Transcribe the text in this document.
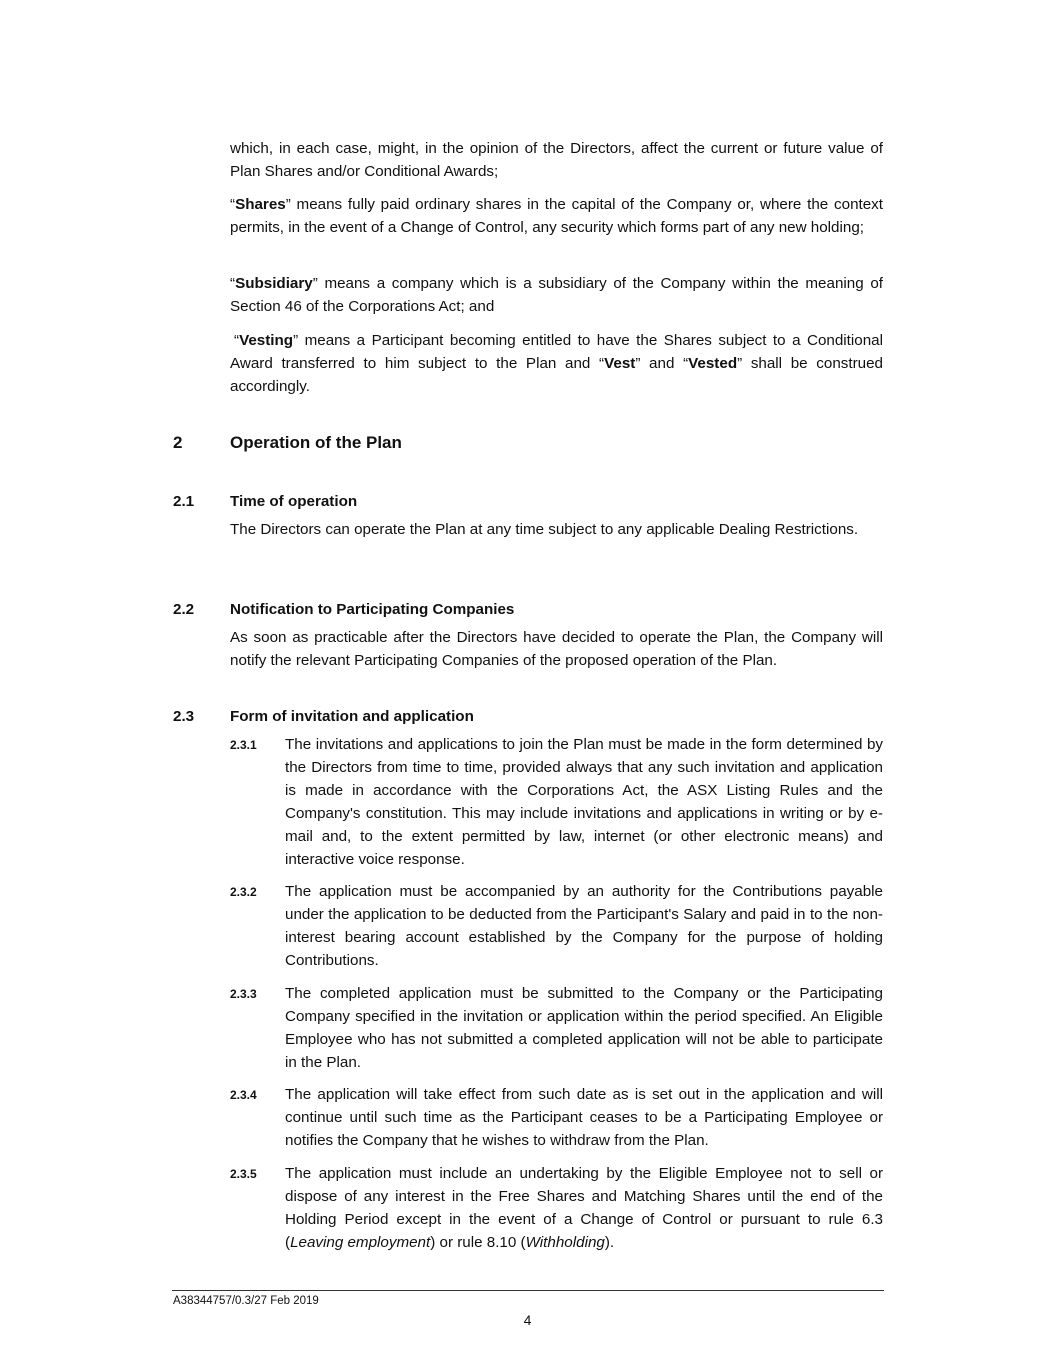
which, in each case, might, in the opinion of the Directors, affect the current or future value of Plan Shares and/or Conditional Awards;

“Shares” means fully paid ordinary shares in the capital of the Company or, where the context permits, in the event of a Change of Control, any security which forms part of any new holding;

“Subsidiary” means a company which is a subsidiary of the Company within the meaning of Section 46 of the Corporations Act; and

“Vesting” means a Participant becoming entitled to have the Shares subject to a Conditional Award transferred to him subject to the Plan and “Vest” and “Vested” shall be construed accordingly.

2	Operation of the Plan
2.1 Time of operation

The Directors can operate the Plan at any time subject to any applicable Dealing Restrictions.

2.2 Notification to Participating Companies

As soon as practicable after the Directors have decided to operate the Plan, the Company will notify the relevant Participating Companies of the proposed operation of the Plan.

2.3 Form of invitation and application
2.3.1 The invitations and applications to join the Plan must be made in the form determined by the Directors from time to time, provided always that any such invitation and application is made in accordance with the Corporations Act, the ASX Listing Rules and the Company's constitution. This may include invitations and applications in writing or by e-mail and, to the extent permitted by law, internet (or other electronic means) and interactive voice response.

2.3.2 The application must be accompanied by an authority for the Contributions payable under the application to be deducted from the Participant's Salary and paid in to the non-interest bearing account established by the Company for the purpose of holding Contributions.

2.3.3 The completed application must be submitted to the Company or the Participating Company specified in the invitation or application within the period specified. An Eligible Employee who has not submitted a completed application will not be able to participate in the Plan.

2.3.4 The application will take effect from such date as is set out in the application and will continue until such time as the Participant ceases to be a Participating Employee or notifies the Company that he wishes to withdraw from the Plan.

2.3.5 The application must include an undertaking by the Eligible Employee not to sell or dispose of any interest in the Free Shares and Matching Shares until the end of the Holding Period except in the event of a Change of Control or pursuant to rule 6.3 (Leaving employment) or rule 8.10 (Withholding).

A38344757/0.3/27 Feb 2019
4
